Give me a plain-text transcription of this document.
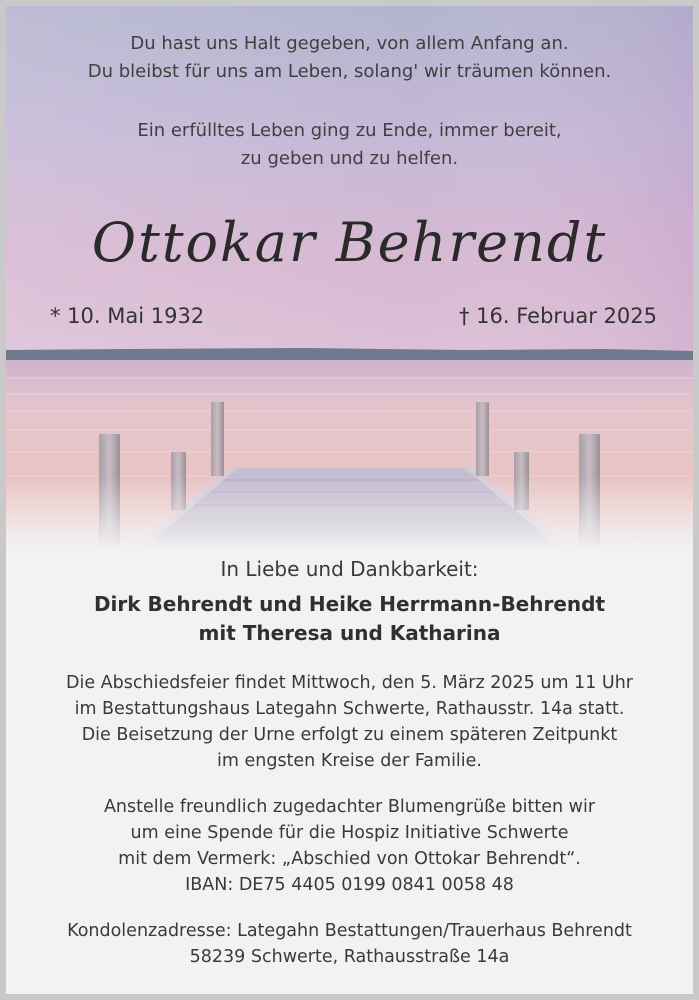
Du hast uns Halt gegeben, von allem Anfang an.
Du bleibst für uns am Leben, solang' wir träumen können.
Ein erfülltes Leben ging zu Ende, immer bereit,
zu geben und zu helfen.
Ottokar Behrendt
* 10. Mai 1932	† 16. Februar 2025
In Liebe und Dankbarkeit:
Dirk Behrendt und Heike Herrmann-Behrendt
mit Theresa und Katharina
Die Abschiedsfeier findet Mittwoch, den 5. März 2025 um 11 Uhr
im Bestattungshaus Lategahn Schwerte, Rathausstr. 14a statt.
Die Beisetzung der Urne erfolgt zu einem späteren Zeitpunkt
im engsten Kreise der Familie.
Anstelle freundlich zugedachter Blumengrüße bitten wir
um eine Spende für die Hospiz Initiative Schwerte
mit dem Vermerk: „Abschied von Ottokar Behrendt“.
IBAN: DE75 4405 0199 0841 0058 48
Kondolenzadresse: Lategahn Bestattungen/Trauerhaus Behrendt
58239 Schwerte, Rathausstraße 14a
